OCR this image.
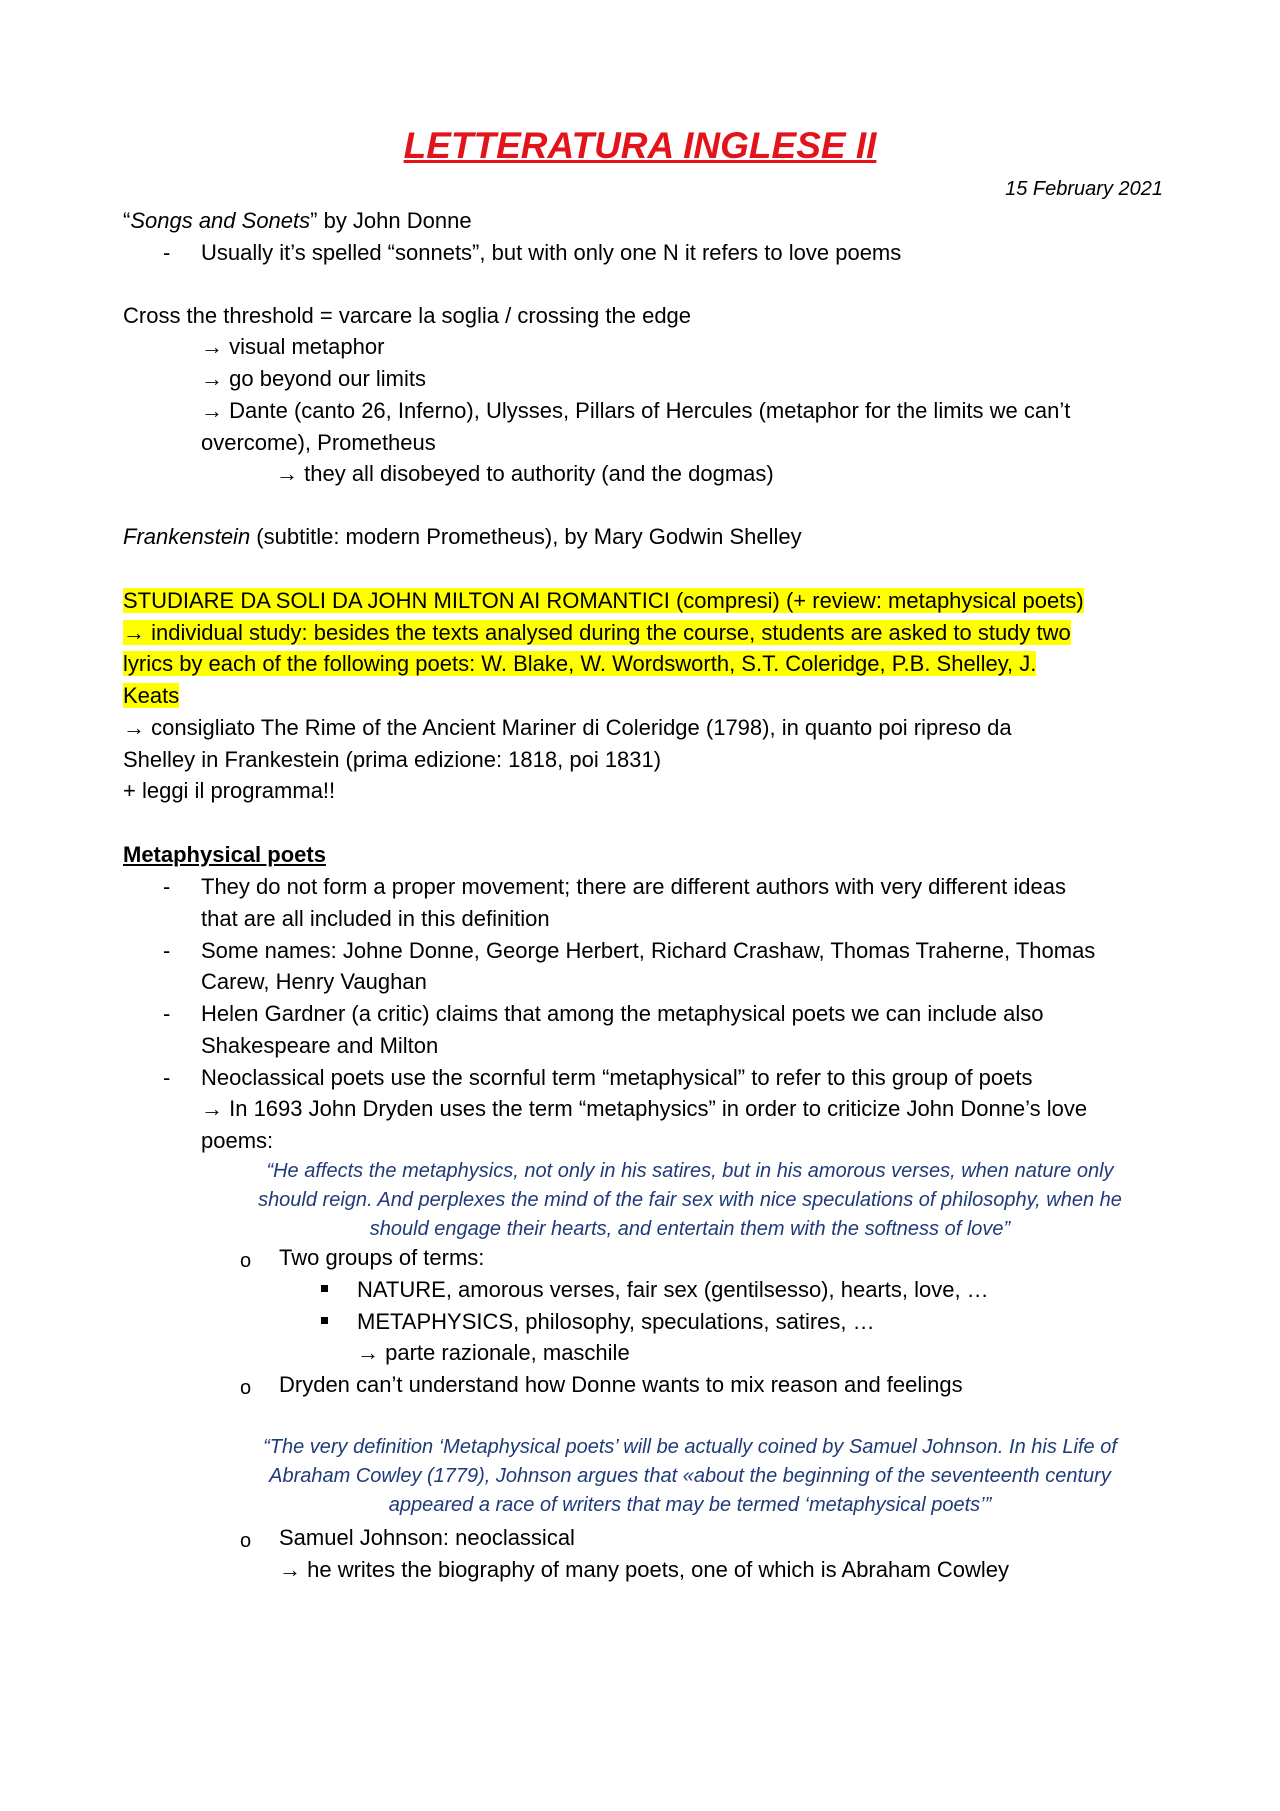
LETTERATURA INGLESE II
15 February 2021
“Songs and Sonets” by John Donne
- Usually it’s spelled “sonnets”, but with only one N it refers to love poems
Cross the threshold = varcare la soglia / crossing the edge
→ visual metaphor
→ go beyond our limits
→ Dante (canto 26, Inferno), Ulysses, Pillars of Hercules (metaphor for the limits we can’t
overcome), Prometheus
→ they all disobeyed to authority (and the dogmas)
Frankenstein (subtitle: modern Prometheus), by Mary Godwin Shelley
STUDIARE DA SOLI DA JOHN MILTON AI ROMANTICI (compresi) (+ review: metaphysical poets)
→ individual study: besides the texts analysed during the course, students are asked to study two
lyrics by each of the following poets: W. Blake, W. Wordsworth, S.T. Coleridge, P.B. Shelley, J.
Keats
→ consigliato The Rime of the Ancient Mariner di Coleridge (1798), in quanto poi ripreso da
Shelley in Frankestein (prima edizione: 1818, poi 1831)
+ leggi il programma!!
Metaphysical poets
- They do not form a proper movement; there are different authors with very different ideas
that are all included in this definition
- Some names: Johne Donne, George Herbert, Richard Crashaw, Thomas Traherne, Thomas
Carew, Henry Vaughan
- Helen Gardner (a critic) claims that among the metaphysical poets we can include also
Shakespeare and Milton
- Neoclassical poets use the scornful term “metaphysical” to refer to this group of poets
→ In 1693 John Dryden uses the term “metaphysics” in order to criticize John Donne’s love
poems:
“He affects the metaphysics, not only in his satires, but in his amorous verses, when nature only
should reign. And perplexes the mind of the fair sex with nice speculations of philosophy, when he
should engage their hearts, and entertain them with the softness of love”
o Two groups of terms:
NATURE, amorous verses, fair sex (gentilsesso), hearts, love, …
METAPHYSICS, philosophy, speculations, satires, …
→ parte razionale, maschile
o Dryden can’t understand how Donne wants to mix reason and feelings
“The very definition ‘Metaphysical poets’ will be actually coined by Samuel Johnson. In his Life of
Abraham Cowley (1779), Johnson argues that «about the beginning of the seventeenth century
appeared a race of writers that may be termed ‘metaphysical poets’”
o Samuel Johnson: neoclassical
→ he writes the biography of many poets, one of which is Abraham Cowley
